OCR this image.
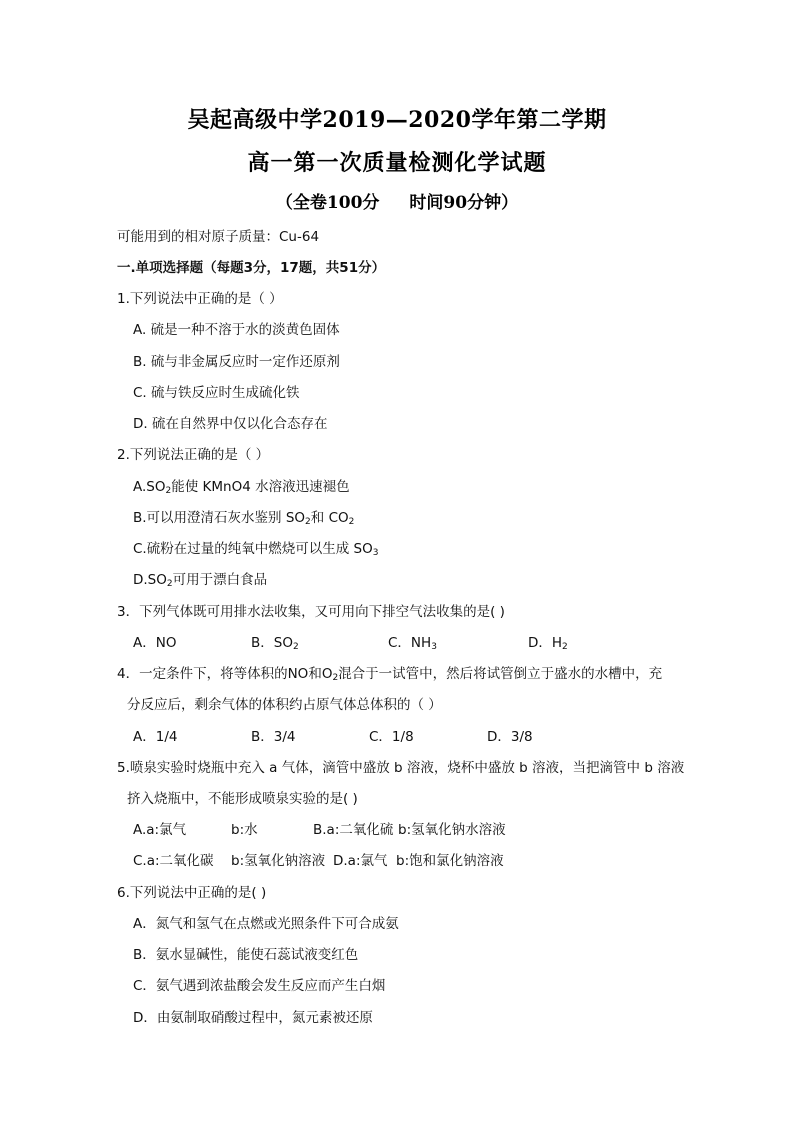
吴起高级中学2019—2020学年第二学期
高一第一次质量检测化学试题
（全卷100分 时间90分钟）
可能用到的相对原子质量：Cu-64
一.单项选择题（每题3分，17题，共51分）
1.下列说法中正确的是（ ）
A. 硫是一种不溶于水的淡黄色固体
B. 硫与非金属反应时一定作还原剂
C. 硫与铁反应时生成硫化铁
D. 硫在自然界中仅以化合态存在
2.下列说法正确的是（ ）
$A.SO_2$能使 KMnO4 水溶液迅速褪色
B.可以用澄清石灰水鉴别 $SO_2$和 $CO_2$
C.硫粉在过量的纯氧中燃烧可以生成 $SO_3$
$D.SO_2$可用于漂白食品
3．下列气体既可用排水法收集，又可用向下排空气法收集的是( )
A．NO	B．$SO_2$	C．$NH_3$	D．$H_2$
4．一定条件下，将等体积的NO和$O_2$混合于一试管中，然后将试管倒立于盛水的水槽中，充
分反应后，剩余气体的体积约占原气体总体积的（ ）
A．1/4	B．3/4	C．1/8	D．3/8
5.喷泉实验时烧瓶中充入 a 气体，滴管中盛放 b 溶液，烧杯中盛放 b 溶液，当把滴管中 b 溶液
挤入烧瓶中，不能形成喷泉实验的是( )
A.a:氯气	b:水	B.a:二氧化硫 b:氢氧化钠水溶液
C.a:二氧化碳 b:氢氧化钠溶液 D.a:氯气 b:饱和氯化钠溶液
6.下列说法中正确的是( )
A．氮气和氢气在点燃或光照条件下可合成氨
B．氨水显碱性，能使石蕊试液变红色
C．氨气遇到浓盐酸会发生反应而产生白烟
D．由氨制取硝酸过程中，氮元素被还原
